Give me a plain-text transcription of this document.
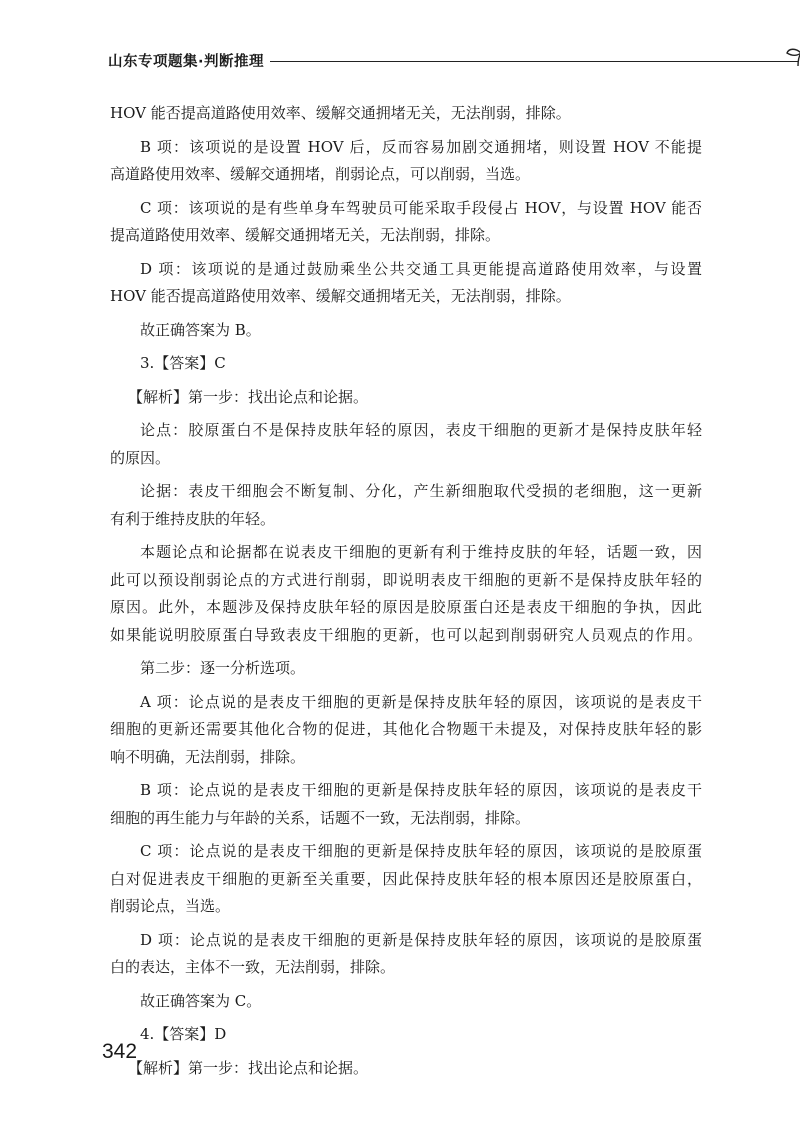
山东专项题集·判断推理
HOV 能否提高道路使用效率、缓解交通拥堵无关，无法削弱，排除。
B 项：该项说的是设置 HOV 后，反而容易加剧交通拥堵，则设置 HOV 不能提
高道路使用效率、缓解交通拥堵，削弱论点，可以削弱，当选。
C 项：该项说的是有些单身车驾驶员可能采取手段侵占 HOV，与设置 HOV 能否
提高道路使用效率、缓解交通拥堵无关，无法削弱，排除。
D 项：该项说的是通过鼓励乘坐公共交通工具更能提高道路使用效率，与设置
HOV 能否提高道路使用效率、缓解交通拥堵无关，无法削弱，排除。
故正确答案为 B。
3.【答案】C
【解析】第一步：找出论点和论据。
论点：胶原蛋白不是保持皮肤年轻的原因，表皮干细胞的更新才是保持皮肤年轻
的原因。
论据：表皮干细胞会不断复制、分化，产生新细胞取代受损的老细胞，这一更新
有利于维持皮肤的年轻。
本题论点和论据都在说表皮干细胞的更新有利于维持皮肤的年轻，话题一致，因
此可以预设削弱论点的方式进行削弱，即说明表皮干细胞的更新不是保持皮肤年轻的
原因。此外，本题涉及保持皮肤年轻的原因是胶原蛋白还是表皮干细胞的争执，因此
如果能说明胶原蛋白导致表皮干细胞的更新，也可以起到削弱研究人员观点的作用。
第二步：逐一分析选项。
A 项：论点说的是表皮干细胞的更新是保持皮肤年轻的原因，该项说的是表皮干
细胞的更新还需要其他化合物的促进，其他化合物题干未提及，对保持皮肤年轻的影
响不明确，无法削弱，排除。
B 项：论点说的是表皮干细胞的更新是保持皮肤年轻的原因，该项说的是表皮干
细胞的再生能力与年龄的关系，话题不一致，无法削弱，排除。
C 项：论点说的是表皮干细胞的更新是保持皮肤年轻的原因，该项说的是胶原蛋
白对促进表皮干细胞的更新至关重要，因此保持皮肤年轻的根本原因还是胶原蛋白，
削弱论点，当选。
D 项：论点说的是表皮干细胞的更新是保持皮肤年轻的原因，该项说的是胶原蛋
白的表达，主体不一致，无法削弱，排除。
故正确答案为 C。
4.【答案】D
【解析】第一步：找出论点和论据。
342
